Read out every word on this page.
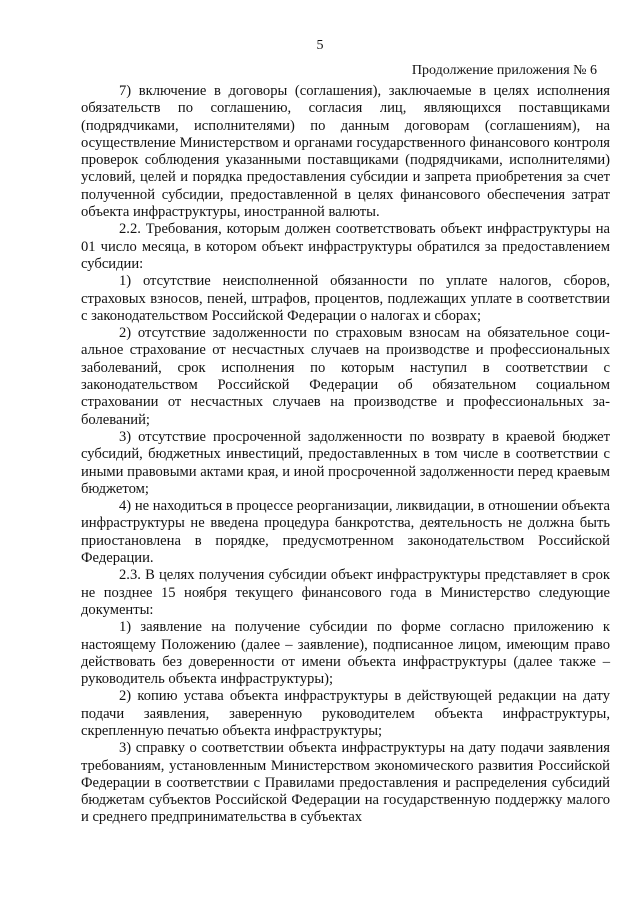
5
Продолжение приложения № 6

7) включение в договоры (соглашения), заключаемые в целях исполнения обязательств по соглашению, согласия лиц, являющихся поставщиками (подрядчиками, исполнителями) по данным договорам (соглашениям), на осуществление Министерством и органами государственного финансового контроля проверок соблюдения указанными поставщиками (подрядчиками, исполнителями) условий, целей и порядка предоставления субсидии и запрета приобретения за счет полученной субсидии, предоставленной в целях финансового обеспечения затрат объекта инфраструктуры, иностранной валюты.

2.2. Требования, которым должен соответствовать объект инфраструктуры на 01 число месяца, в котором объект инфраструктуры обратился за предоставлением субсидии:

1) отсутствие неисполненной обязанности по уплате налогов, сборов, страховых взносов, пеней, штрафов, процентов, подлежащих уплате в соответствии с законодательством Российской Федерации о налогах и сборах;

2) отсутствие задолженности по страховым взносам на обязательное социальное страхование от несчастных случаев на производстве и профессиональных заболеваний, срок исполнения по которым наступил в соответствии с законодательством Российской Федерации об обязательном социальном страховании от несчастных случаев на производстве и профессиональных заболеваний;

3) отсутствие просроченной задолженности по возврату в краевой бюджет субсидий, бюджетных инвестиций, предоставленных в том числе в соответствии с иными правовыми актами края, и иной просроченной задолженности перед краевым бюджетом;

4) не находиться в процессе реорганизации, ликвидации, в отношении объекта инфраструктуры не введена процедура банкротства, деятельность не должна быть приостановлена в порядке, предусмотренном законодательством Российской Федерации.

2.3. В целях получения субсидии объект инфраструктуры представляет в срок не позднее 15 ноября текущего финансового года в Министерство следующие документы:

1) заявление на получение субсидии по форме согласно приложению к настоящему Положению (далее – заявление), подписанное лицом, имеющим право действовать без доверенности от имени объекта инфраструктуры (далее также – руководитель объекта инфраструктуры);

2) копию устава объекта инфраструктуры в действующей редакции на дату подачи заявления, заверенную руководителем объекта инфраструктуры, скрепленную печатью объекта инфраструктуры;

3) справку о соответствии объекта инфраструктуры на дату подачи заявления требованиям, установленным Министерством экономического развития Российской Федерации в соответствии с Правилами предоставления и распределения субсидий бюджетам субъектов Российской Федерации на государственную поддержку малого и среднего предпринимательства в субъектах
